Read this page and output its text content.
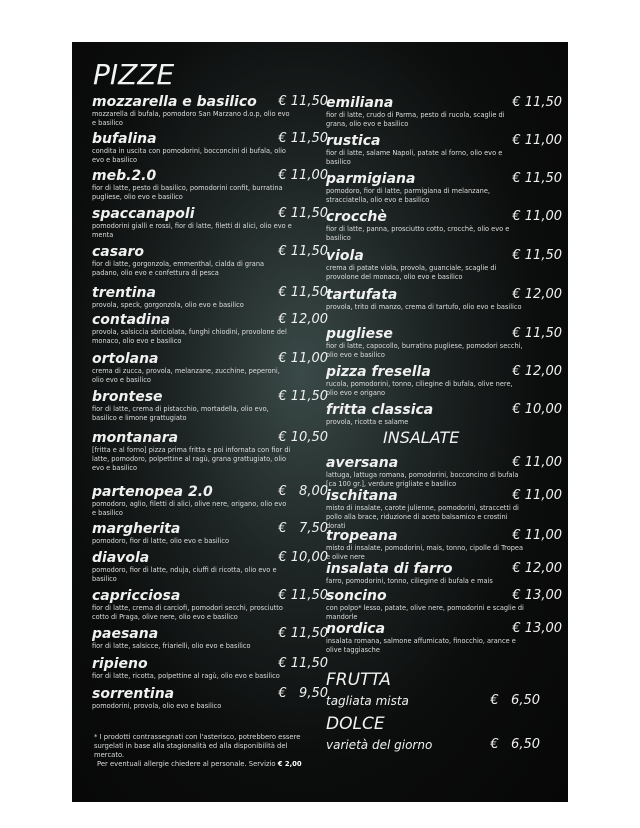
PIZZE
INSALATE
FRUTTA
DOLCE
mozzarella e basilico	€ 11,50
mozzarella di bufala, pomodoro San Marzano d.o.p, olio evo e basilico
bufalina	€ 11,50
condita in uscita con pomodorini, bocconcini di bufala, olio evo e basilico
meb.2.0	€ 11,00
fior di latte, pesto di basilico, pomodorini confit, burratina pugliese, olio evo e basilico
spaccanapoli	€ 11,50
pomodorini gialli e rossi, fior di latte, filetti di alici, olio evo e menta
casaro	€ 11,50
fior di latte, gorgonzola, emmenthal, cialda di grana padano, olio evo e confettura di pesca
trentina	€ 11,50
provola, speck, gorgonzola, olio evo e basilico
contadina	€ 12,00
provola, salsiccia sbriciolata, funghi chiodini, provolone del monaco, olio evo e basilico
ortolana	€ 11,00
crema di zucca, provola, melanzane, zucchine, peperoni, olio evo e basilico
brontese	€ 11,50
fior di latte, crema di pistacchio, mortadella, olio evo, basilico e limone grattugiato
montanara	€ 10,50
[fritta e al forno] pizza prima fritta e poi infornata con fior di latte, pomodoro, polpettine al ragù, grana grattugiato, olio evo e basilico
partenopea 2.0	€   8,00
pomodoro, aglio, filetti di alici, olive nere, origano, olio evo e basilico
margherita	€   7,50
pomodoro, fior di latte, olio evo e basilico
diavola	€ 10,00
pomodoro, fior di latte, nduja, ciuffi di ricotta, olio evo e basilico
capricciosa	€ 11,50
fior di latte, crema di carciofi, pomodori secchi, prosciutto cotto di Praga, olive nere, olio evo e basilico
paesana	€ 11,50
fior di latte, salsicce, friarielli, olio evo e basilico
ripieno	€ 11,50
fior di latte, ricotta, polpettine al ragù, olio evo e basilico
sorrentina	€   9,50
pomodorini, provola, olio evo e basilico
emiliana	€ 11,50
fior di latte, crudo di Parma, pesto di rucola, scaglie di grana, olio evo e basilico
rustica	€ 11,00
fior di latte, salame Napoli, patate al forno, olio evo e basilico
parmigiana	€ 11,50
pomodoro, fior di latte, parmigiana di melanzane, stracciatella, olio evo e basilico
crocchè	€ 11,00
fior di latte, panna, prosciutto cotto, crocchè, olio evo e basilico
viola	€ 11,50
crema di patate viola, provola, guanciale, scaglie di provolone del monaco, olio evo e basilico
tartufata	€ 12,00
provola, trito di manzo, crema di tartufo, olio evo e basilico
pugliese	€ 11,50
fior di latte, capocollo, burratina pugliese, pomodori secchi, olio evo e basilico
pizza fresella	€ 12,00
rucola, pomodorini, tonno, ciliegine di bufala, olive nere, olio evo e origano
fritta classica	€ 10,00
provola, ricotta e salame
aversana	€ 11,00
lattuga, lattuga romana, pomodorini, bocconcino di bufala [ca 100 gr.], verdure grigliate e basilico
ischitana	€ 11,00
misto di insalate, carote julienne, pomodorini, straccetti di pollo alla brace, riduzione di aceto balsamico e crostini dorati
tropeana	€ 11,00
misto di insalate, pomodorini, mais, tonno, cipolle di Tropea e olive nere
insalata di farro	€ 12,00
farro, pomodorini, tonno, ciliegine di bufala e mais
soncino	€ 13,00
con polpo* lesso, patate, olive nere, pomodorini e scaglie di mandorle
nordica	€ 13,00
insalata romana, salmone affumicato, finocchio, arance e olive taggiasche
tagliata mista	€   6,50
varietà del giorno	€   6,50
* I prodotti contrassegnati con l'asterisco, potrebbero essere surgelati in base alla stagionalità ed alla disponibilità del mercato.
Per eventuali allergie chiedere al personale. Servizio € 2,00
